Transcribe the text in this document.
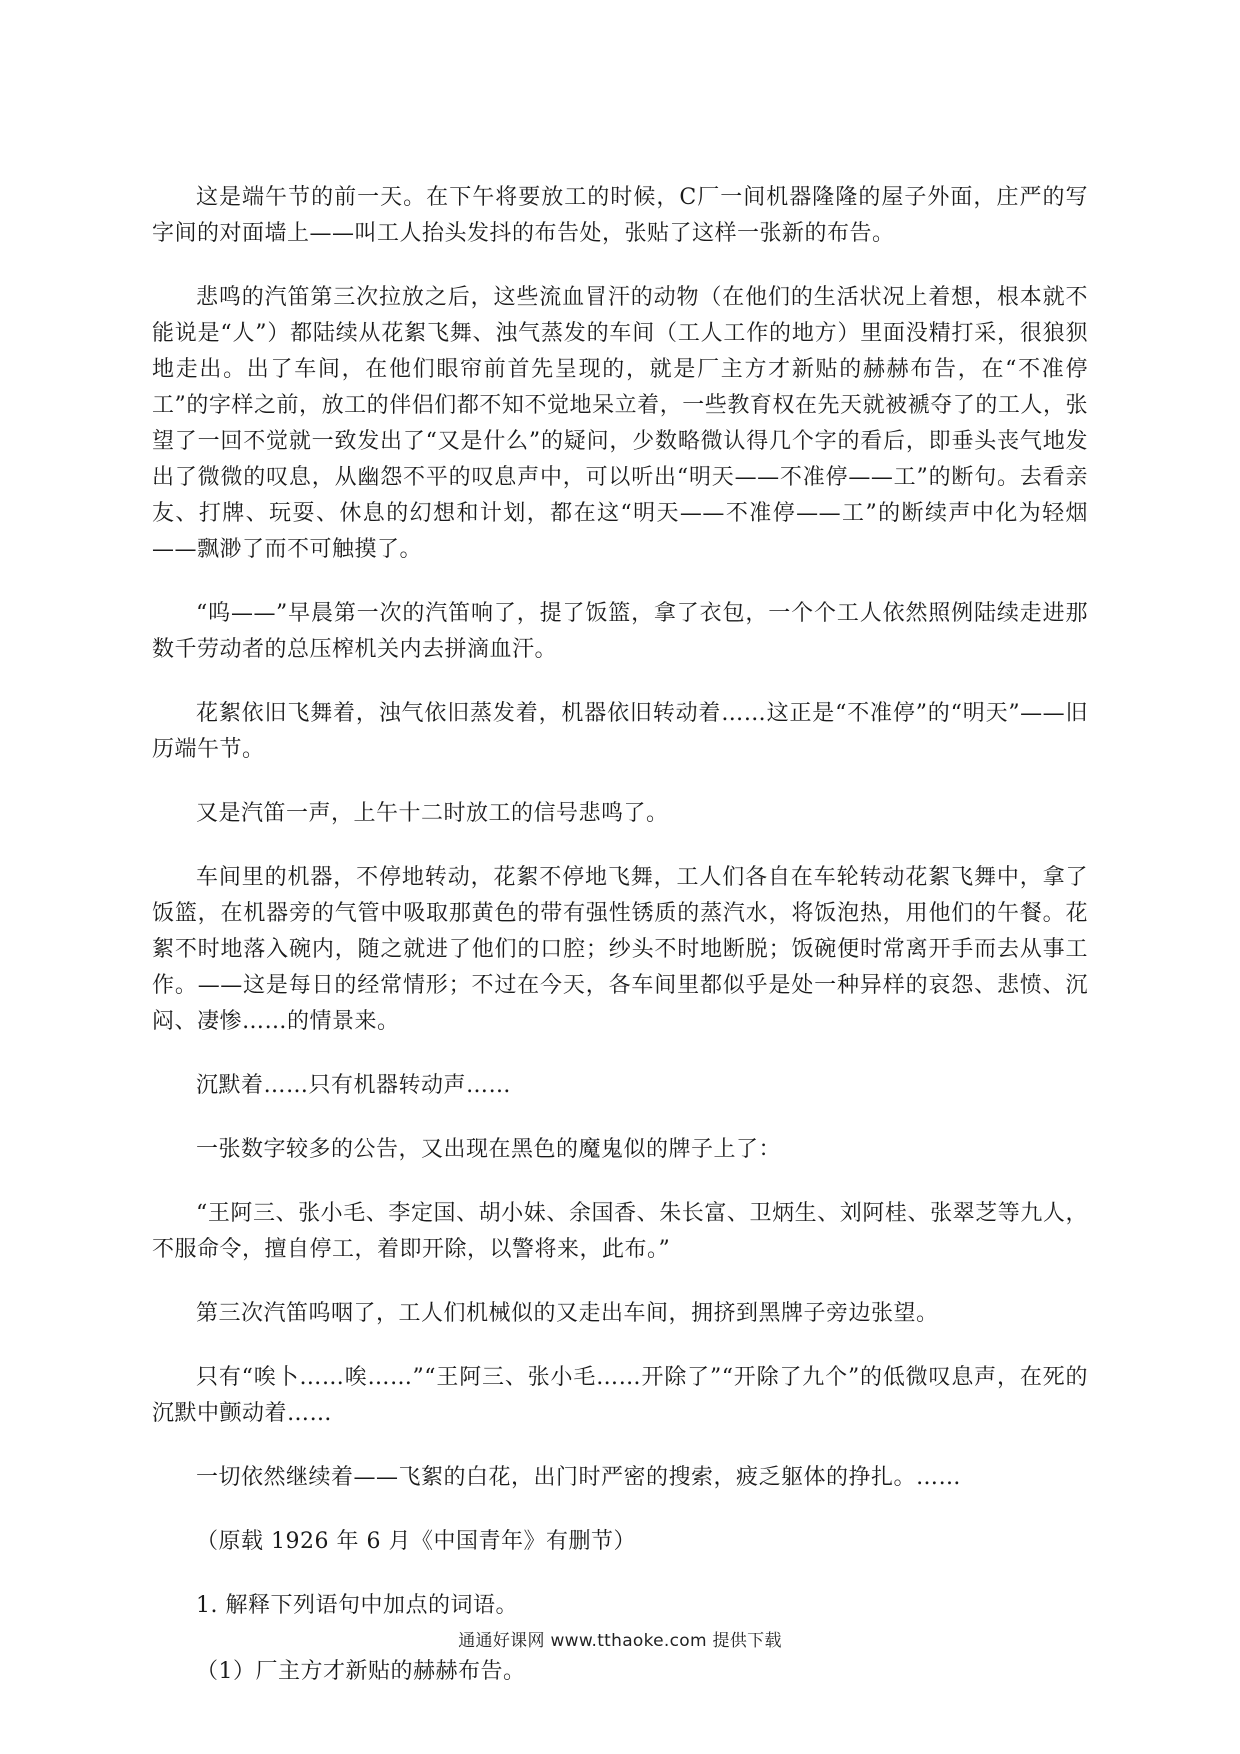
这是端午节的前一天。在下午将要放工的时候，C厂一间机器隆隆的屋子外面，庄严的写字间的对面墙上——叫工人抬头发抖的布告处，张贴了这样一张新的布告。

悲鸣的汽笛第三次拉放之后，这些流血冒汗的动物（在他们的生活状况上着想，根本就不能说是“人”）都陆续从花絮飞舞、浊气蒸发的车间（工人工作的地方）里面没精打采，很狼狈地走出。出了车间，在他们眼帘前首先呈现的，就是厂主方才新贴的赫赫布告，在“不准停工”的字样之前，放工的伴侣们都不知不觉地呆立着，一些教育权在先天就被褫夺了的工人，张望了一回不觉就一致发出了“又是什么”的疑问，少数略微认得几个字的看后，即垂头丧气地发出了微微的叹息，从幽怨不平的叹息声中，可以听出“明天——不准停——工”的断句。去看亲友、打牌、玩耍、休息的幻想和计划，都在这“明天——不准停——工”的断续声中化为轻烟——飘渺了而不可触摸了。

“呜——”早晨第一次的汽笛响了，提了饭篮，拿了衣包，一个个工人依然照例陆续走进那数千劳动者的总压榨机关内去拼滴血汗。

花絮依旧飞舞着，浊气依旧蒸发着，机器依旧转动着……这正是“不准停”的“明天”——旧历端午节。

又是汽笛一声，上午十二时放工的信号悲鸣了。

车间里的机器，不停地转动，花絮不停地飞舞，工人们各自在车轮转动花絮飞舞中，拿了饭篮，在机器旁的气管中吸取那黄色的带有强性锈质的蒸汽水，将饭泡热，用他们的午餐。花絮不时地落入碗内，随之就进了他们的口腔；纱头不时地断脱；饭碗便时常离开手而去从事工作。——这是每日的经常情形；不过在今天，各车间里都似乎是处一种异样的哀怨、悲愤、沉闷、凄惨……的情景来。

沉默着……只有机器转动声……

一张数字较多的公告，又出现在黑色的魔鬼似的牌子上了：

“王阿三、张小毛、李定国、胡小妹、余国香、朱长富、卫炳生、刘阿桂、张翠芝等九人，不服命令，擅自停工，着即开除，以警将来，此布。”

第三次汽笛呜咽了，工人们机械似的又走出车间，拥挤到黑牌子旁边张望。

只有“唉卜……唉……”“王阿三、张小毛……开除了”“开除了九个”的低微叹息声，在死的沉默中颤动着……

一切依然继续着——飞絮的白花，出门时严密的搜索，疲乏躯体的挣扎。……

（原载 1926 年 6 月《中国青年》有删节）

1. 解释下列语句中加点的词语。

（1）厂主方才新贴的赫赫布告。

通通好课网 www.tthaoke.com 提供下载
